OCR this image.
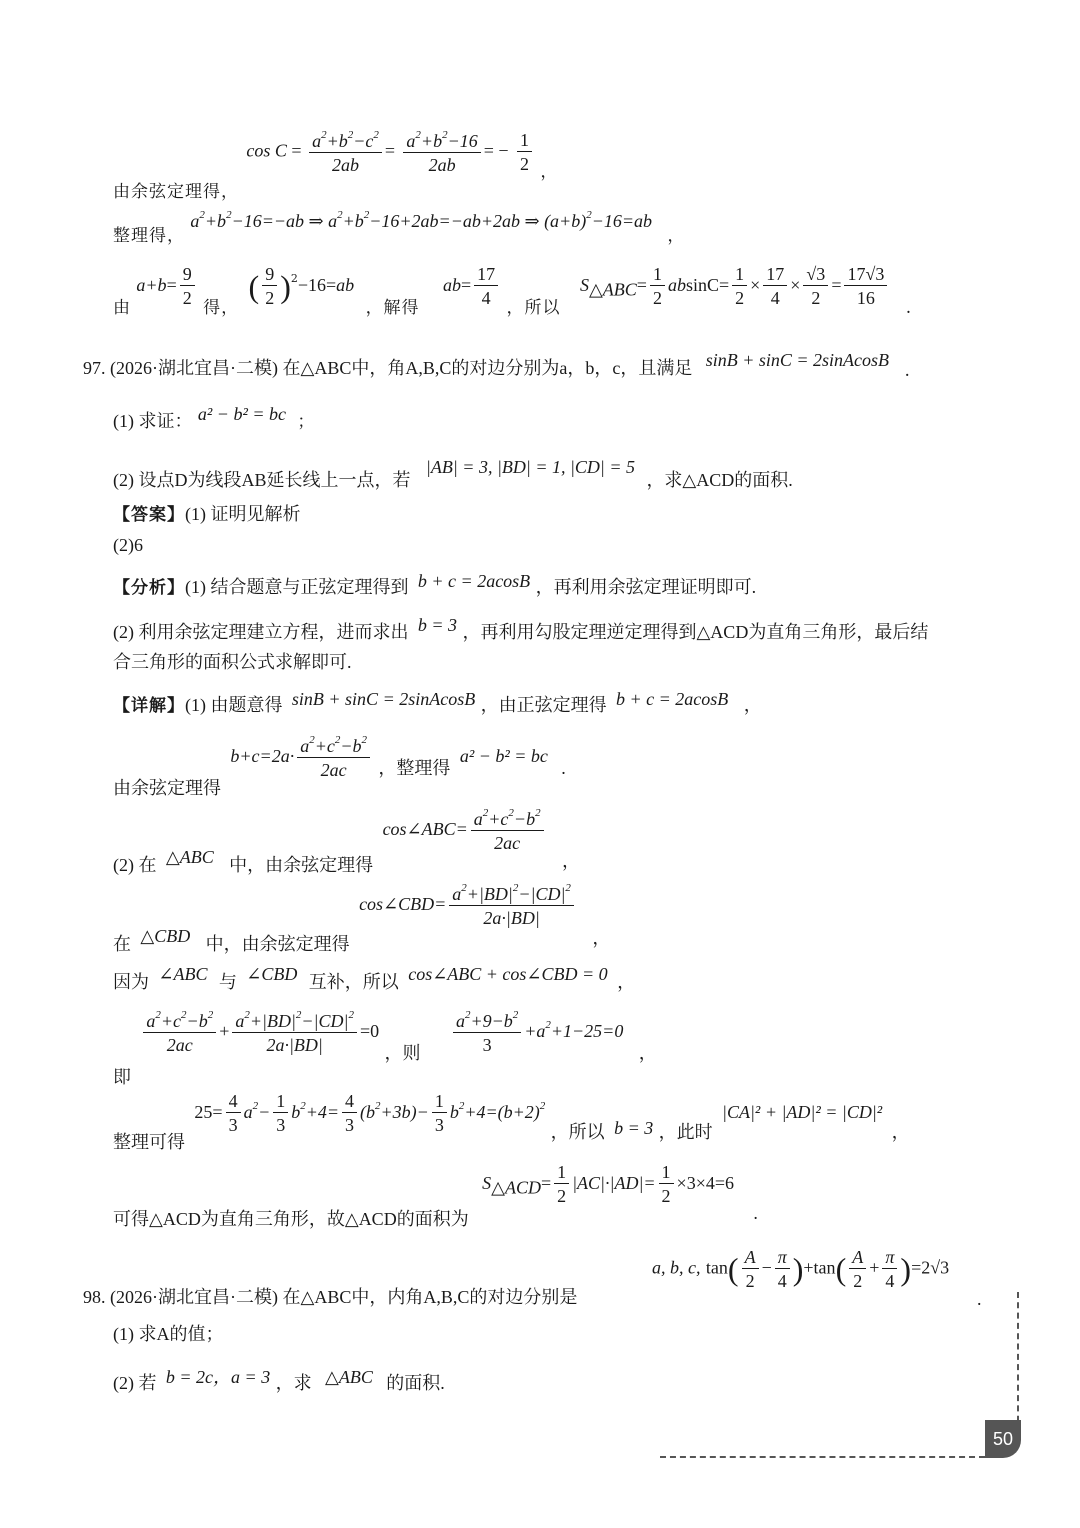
由余弦定理得， $\cos C = \frac{a^2+b^2-c^2}{2ab} = \frac{a^2+b^2-16}{2ab}$ = − $\frac{1}{2}$ ，
整理得， $a^2+b^2-16=-ab$ ⇒ $a^2+b^2-16+2ab=-ab+2ab$ ⇒ $(a+b)^2-16=ab$ ，
由 $a+b= \frac{9}{2}$
得， ( $\frac{9}{2} )^2-16=ab$ ，解得 $ab= \frac{17}{4}$
，所以 $S_{\triangle ABC}= \frac{1}{2} absinC= \frac{1}{2} \times \frac{17}{4} \times \frac{√3}{2} = \frac{17√3}{16}$
.
97. (2026·湖北宜昌·二模) 在△ABC中，角A,B,C的对边分别为a，b，c，且满足 sinB + sinC = 2sinAcosB .
(1) 求证： a² − b² = bc ；
(2) 设点D为线段AB延长线上一点，若 |AB| = 3, |BD| = 1, |CD| = 5 ，求△ACD的面积.
【答案】(1) 证明见解析
(2)6
【分析】(1) 结合题意与正弦定理得到 b + c = 2acosB ，再利用余弦定理证明即可.
(2) 利用余弦定理建立方程，进而求出 b = 3 ，再利用勾股定理逆定理得到△ACD为直角三角形，最后结
合三角形的面积公式求解即可.
【详解】(1) 由题意得 sinB + sinC = 2sinAcosB ，由正弦定理得 b + c = 2acosB ，
由余弦定理得 $b+c=2a\cdot \frac{a^2+c^2-b^2}{2ac}$ ，整理得 a² − b² = bc .
(2) 在 △ABC 中，由余弦定理得 cos∠ABC= $\frac{a^2+c^2-b^2}{2ac}$
，
在 △CBD 中，由余弦定理得 cos∠CBD= $\frac{a^2+|BD|^2-|CD|^2}{2a\cdot|BD|}$
，
因为 ∠ABC 与 ∠CBD 互补，所以 cos∠ABC + cos∠CBD = 0 ，
即
$\frac{a^2+c^2-b^2}{2ac} + \frac{a^2+|BD|^2-|CD|^2}{2a\cdot|BD|} =0$ ，则 $\frac{a^2+9-b^2}{3} +a^2+1-25=0$ ，
整理可得 $25= \frac{4}{3} a^2- \frac{1}{3} b^2+4= \frac{4}{3} (b^2+3b)- \frac{1}{3} b^2+4=(b+2)^2$ ，所以 b = 3 ，此时 |CA|² + |AD|² = |CD|² ，
可得△ACD为直角三角形，故△ACD的面积为 $S_{\triangle ACD}= \frac{1}{2} |AC|\cdot|AD|= \frac{1}{2} \times 3\times 4=6$ .
a, b, c, $\tan( \frac{A}{2} - \frac{\pi}{4} )+\tan( \frac{A}{2} + \frac{\pi}{4} )=2√3$
98. (2026·湖北宜昌·二模) 在△ABC中，内角A,B,C的对边分别是	.
(1) 求A的值；
(2) 若 b = 2c，a = 3 ，求 △ABC 的面积.
50
